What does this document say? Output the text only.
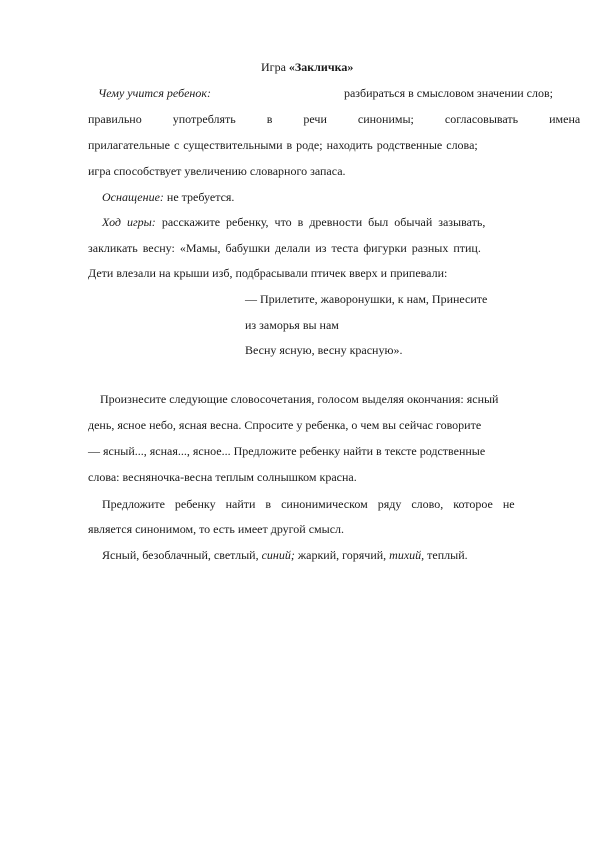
Игра «Закличка»
Чему учится ребенок:	разбираться в смысловом значении слов;
правильно употреблять в речи синонимы; согласовывать имена
прилагательные с существительными в роде; находить родственные слова;
игра способствует увеличению словарного запаса.
Оснащение: не требуется.
Ход игры: расскажите ребенку, что в древности был обычай зазывать,
закликать весну: «Мамы, бабушки делали из теста фигурки разных птиц.
Дети влезали на крыши изб, подбрасывали птичек вверх и припевали:
— Прилетите, жаворонушки, к нам, Принесите
из заморья вы нам
Весну ясную, весну красную».
Произнесите следующие словосочетания, голосом выделяя окончания: ясный
день, ясное небо, ясная весна. Спросите у ребенка, о чем вы сейчас говорите
— ясный..., ясная..., ясное... Предложите ребенку найти в тексте родственные
слова: весняночка-весна теплым солнышком красна.
Предложите ребенку найти в синонимическом ряду слово, которое не
является синонимом, то есть имеет другой смысл.
Ясный, безоблачный, светлый, синий; жаркий, горячий, тихий, теплый.
